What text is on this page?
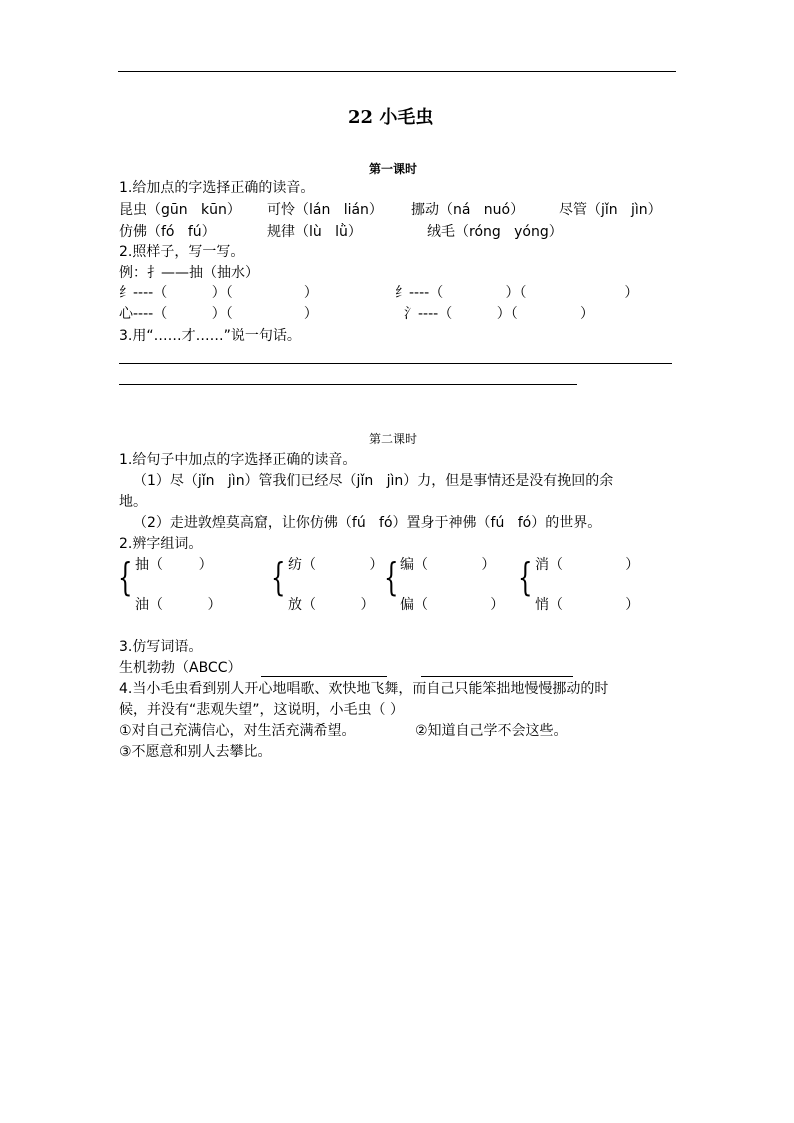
22 小毛虫
第一课时
1.给加点的字选择正确的读音。
昆虫（gūn   kūn） 可怜（lán   lián） 挪动（ná   nuó） 尽管（jǐn   jìn）
仿佛（fó   fú）	规律（lù   lǜ）	绒毛（róng   yóng）
2.照样子，写一写。
例：扌——抽（抽水）
纟----（          ）（                ）	纟----（              ）（                      ）
心----（          ）（                ）	氵----（          ）（              ）
3.用“……才……”说一句话。
第二课时
1.给句子中加点的字选择正确的读音。
（1）尽（jǐn   jìn）管我们已经尽（jǐn   jìn）力，但是事情还是没有挽回的余
地。
（2）走进敦煌莫高窟，让你仿佛（fú   fó）置身于神佛（fú   fó）的世界。
2.辨字组词。
{ 抽（        ）
油（          ）
{ 纺（            ）
放（          ）
{ 编（            ）
偏（              ）
{ 消（              ）
悄（              ）
3.仿写词语。
生机勃勃（ABCC）
4.当小毛虫看到别人开心地唱歌、欢快地飞舞，而自己只能笨拙地慢慢挪动的时
候，并没有“悲观失望”，这说明，小毛虫（ ）
①对自己充满信心，对生活充满希望。	②知道自己学不会这些。
③不愿意和别人去攀比。
